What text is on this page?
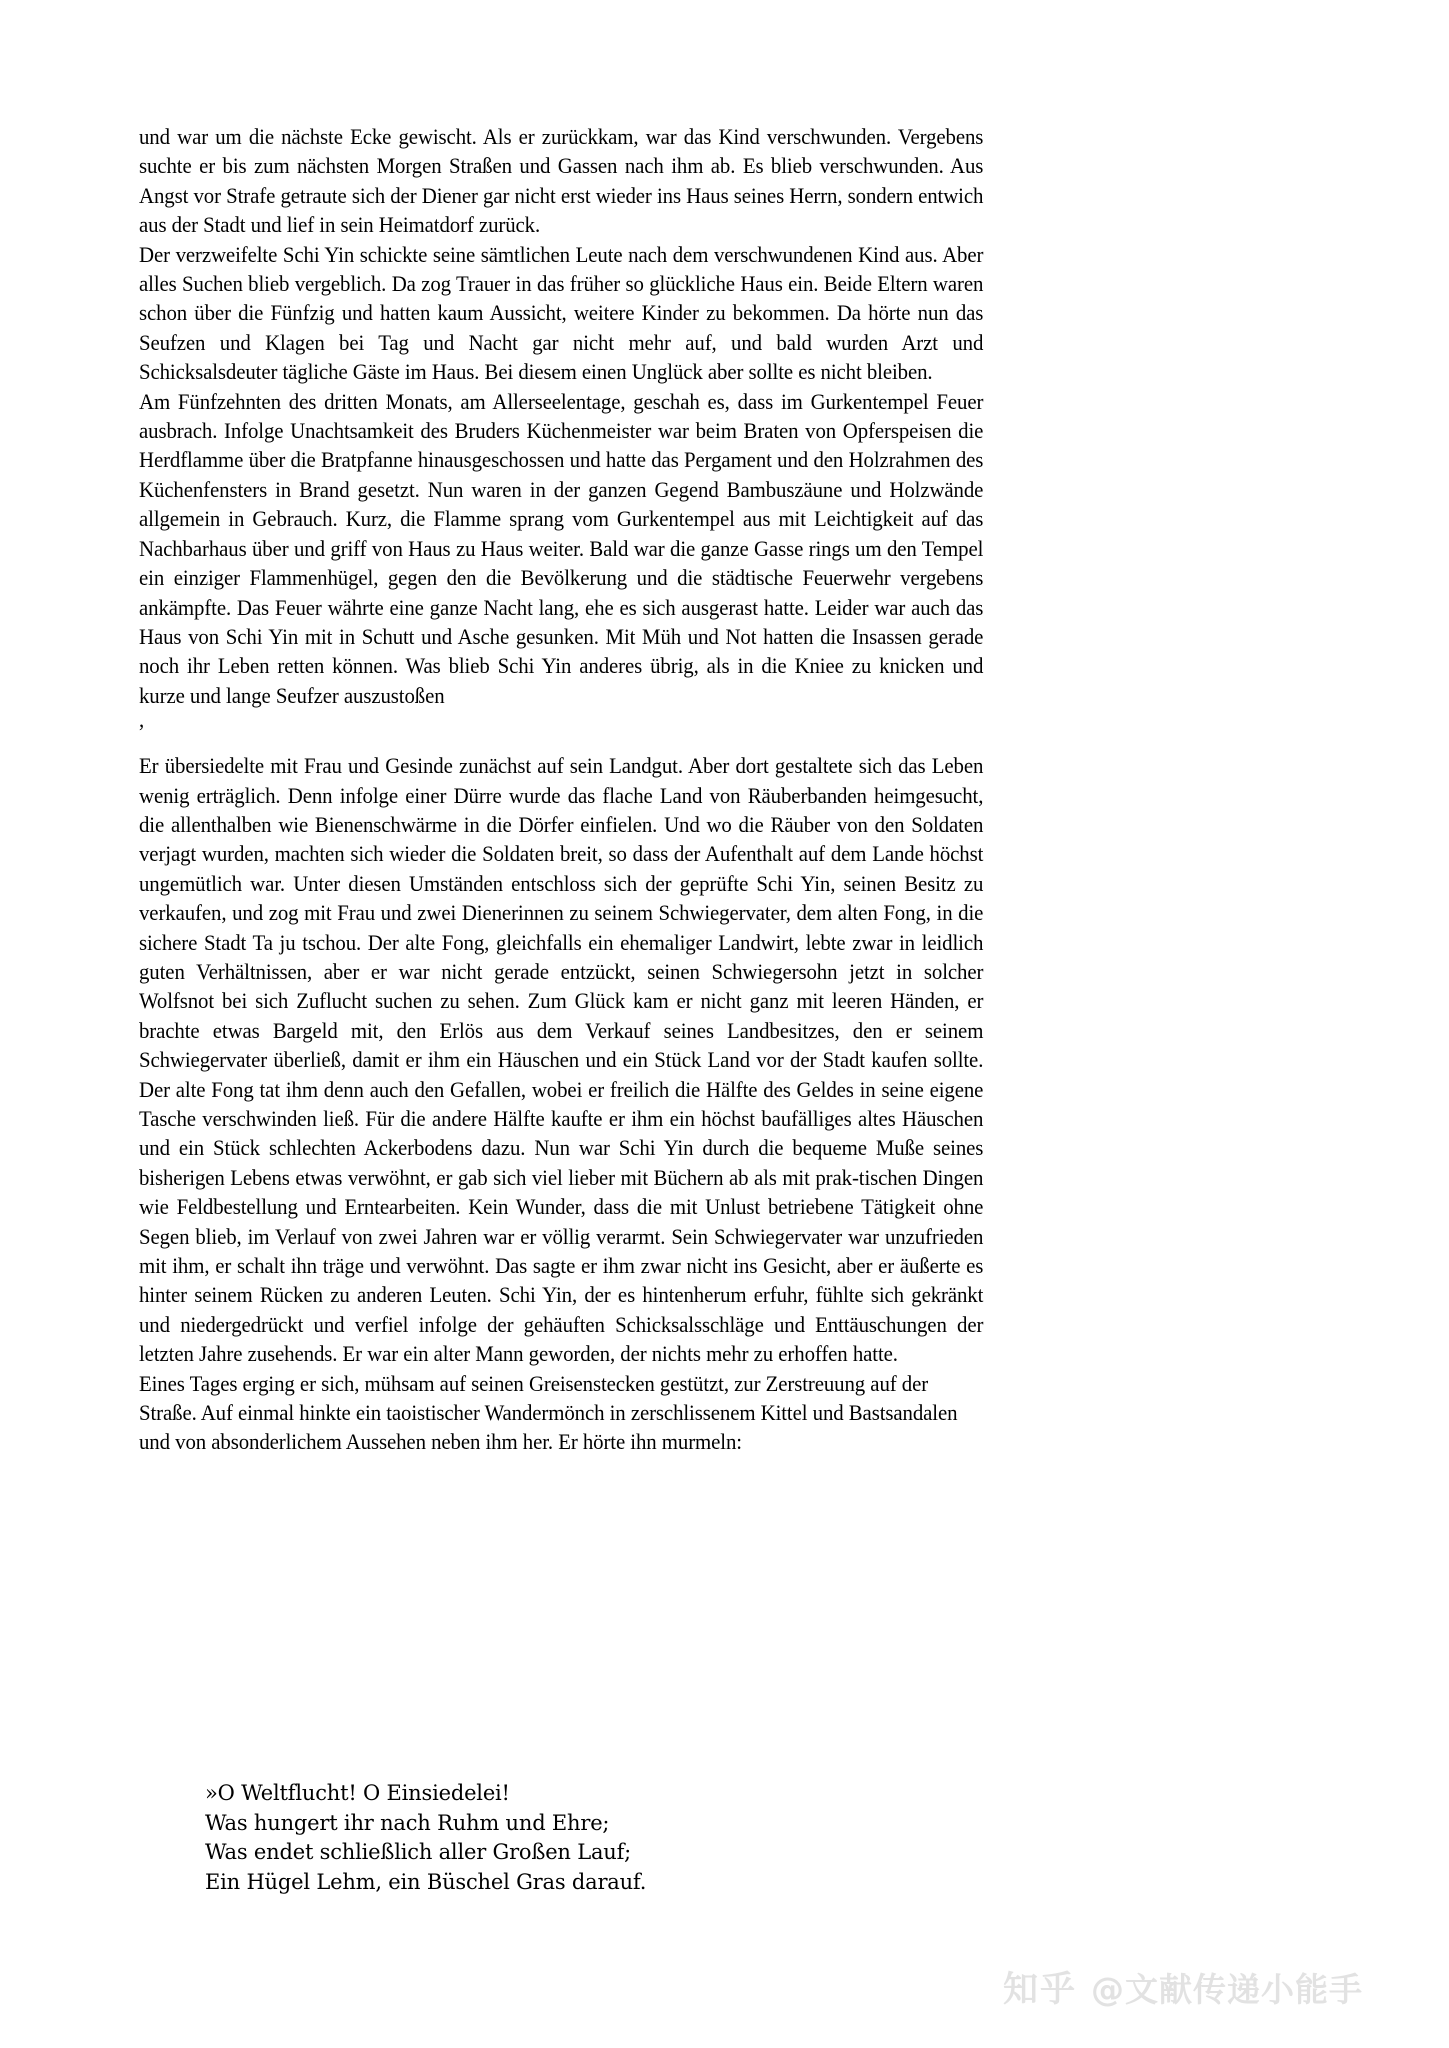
und war um die nächste Ecke gewischt. Als er zurückkam, war das Kind verschwunden. Vergebens suchte er bis zum nächsten Morgen Straßen und Gassen nach ihm ab. Es blieb verschwunden. Aus Angst vor Strafe getraute sich der Diener gar nicht erst wieder ins Haus seines Herrn, sondern entwich aus der Stadt und lief in sein Heimatdorf zurück.

Der verzweifelte Schi Yin schickte seine sämtlichen Leute nach dem verschwundenen Kind aus. Aber alles Suchen blieb vergeblich. Da zog Trauer in das früher so glückliche Haus ein. Beide Eltern waren schon über die Fünfzig und hatten kaum Aussicht, weitere Kinder zu bekommen. Da hörte nun das Seufzen und Klagen bei Tag und Nacht gar nicht mehr auf, und bald wurden Arzt und Schicksalsdeuter tägliche Gäste im Haus. Bei diesem einen Unglück aber sollte es nicht bleiben.

Am Fünfzehnten des dritten Monats, am Allerseelentage, geschah es, dass im Gurkentempel Feuer ausbrach. Infolge Unachtsamkeit des Bruders Küchenmeister war beim Braten von Opferspeisen die Herdflamme über die Bratpfanne hinausgeschossen und hatte das Pergament und den Holzrahmen des Küchenfensters in Brand gesetzt. Nun waren in der ganzen Gegend Bambuszäune und Holzwände allgemein in Gebrauch. Kurz, die Flamme sprang vom Gurkentempel aus mit Leichtigkeit auf das Nachbarhaus über und griff von Haus zu Haus weiter. Bald war die ganze Gasse rings um den Tempel ein einziger Flammenhügel, gegen den die Bevölkerung und die städtische Feuerwehr vergebens ankämpfte. Das Feuer währte eine ganze Nacht lang, ehe es sich ausgerast hatte. Leider war auch das Haus von Schi Yin mit in Schutt und Asche gesunken. Mit Müh und Not hatten die Insassen gerade noch ihr Leben retten können. Was blieb Schi Yin anderes übrig, als in die Kniee zu knicken und kurze und lange Seufzer auszustoßen

,

Er übersiedelte mit Frau und Gesinde zunächst auf sein Landgut. Aber dort gestaltete sich das Leben wenig erträglich. Denn infolge einer Dürre wurde das flache Land von Räuberbanden heimgesucht, die allenthalben wie Bienenschwärme in die Dörfer einfielen. Und wo die Räuber von den Soldaten verjagt wurden, machten sich wieder die Soldaten breit, so dass der Aufenthalt auf dem Lande höchst ungemütlich war. Unter diesen Umständen entschloss sich der geprüfte Schi Yin, seinen Besitz zu verkaufen, und zog mit Frau und zwei Dienerinnen zu seinem Schwiegervater, dem alten Fong, in die sichere Stadt Ta ju tschou. Der alte Fong, gleichfalls ein ehemaliger Landwirt, lebte zwar in leidlich guten Verhältnissen, aber er war nicht gerade entzückt, seinen Schwiegersohn jetzt in solcher Wolfsnot bei sich Zuflucht suchen zu sehen. Zum Glück kam er nicht ganz mit leeren Händen, er brachte etwas Bargeld mit, den Erlös aus dem Verkauf seines Landbesitzes, den er seinem Schwiegervater überließ, damit er ihm ein Häuschen und ein Stück Land vor der Stadt kaufen sollte. Der alte Fong tat ihm denn auch den Gefallen, wobei er freilich die Hälfte des Geldes in seine eigene Tasche verschwinden ließ. Für die andere Hälfte kaufte er ihm ein höchst baufälliges altes Häuschen und ein Stück schlechten Ackerbodens dazu. Nun war Schi Yin durch die bequeme Muße seines bisherigen Lebens etwas verwöhnt, er gab sich viel lieber mit Büchern ab als mit prak-tischen Dingen wie Feldbestellung und Erntearbeiten. Kein Wunder, dass die mit Unlust betriebene Tätigkeit ohne Segen blieb, im Verlauf von zwei Jahren war er völlig verarmt. Sein Schwiegervater war unzufrieden mit ihm, er schalt ihn träge und verwöhnt. Das sagte er ihm zwar nicht ins Gesicht, aber er äußerte es hinter seinem Rücken zu anderen Leuten. Schi Yin, der es hintenherum erfuhr, fühlte sich gekränkt und niedergedrückt und verfiel infolge der gehäuften Schicksalsschläge und Enttäuschungen der letzten Jahre zusehends. Er war ein alter Mann geworden, der nichts mehr zu erhoffen hatte.

Eines Tages erging er sich, mühsam auf seinen Greisenstecken gestützt, zur Zerstreuung auf der Straße. Auf einmal hinkte ein taoistischer Wandermönch in zerschlissenem Kittel und Bastsandalen und von absonderlichem Aussehen neben ihm her. Er hörte ihn murmeln:

»O Weltflucht! O Einsiedelei!

Was hungert ihr nach Ruhm und Ehre;

Was endet schließlich aller Großen Lauf;

Ein Hügel Lehm, ein Büschel Gras darauf.

知乎 @文献传递小能手
